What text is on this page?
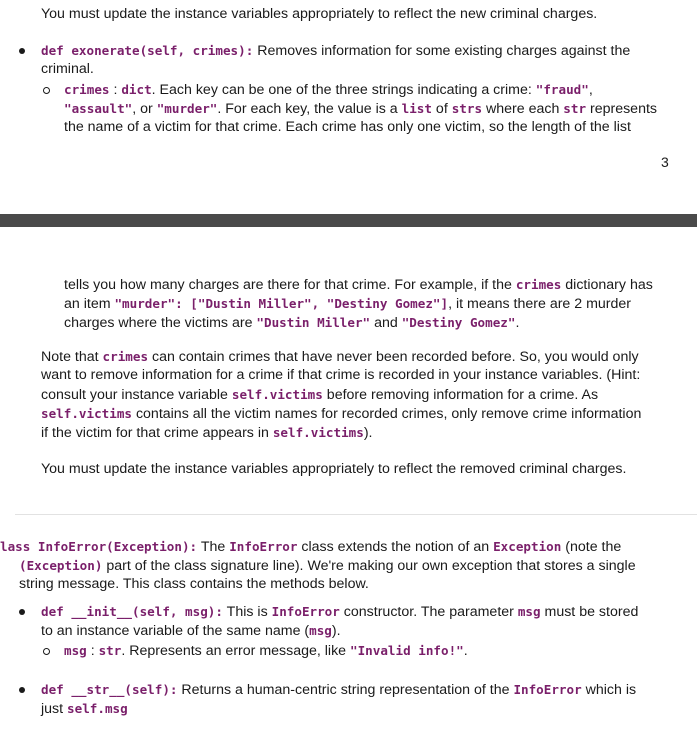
You must update the instance variables appropriately to reflect the new criminal charges.
def exonerate(self, crimes): Removes information for some existing charges against the
criminal.
crimes : dict. Each key can be one of the three strings indicating a crime: "fraud",
"assault", or "murder". For each key, the value is a list of strs where each str represents
the name of a victim for that crime. Each crime has only one victim, so the length of the list
3
tells you how many charges are there for that crime. For example, if the crimes dictionary has
an item "murder": ["Dustin Miller", "Destiny Gomez"], it means there are 2 murder
charges where the victims are "Dustin Miller" and "Destiny Gomez".
Note that crimes can contain crimes that have never been recorded before. So, you would only
want to remove information for a crime if that crime is recorded in your instance variables. (Hint:
consult your instance variable self.victims before removing information for a crime. As
self.victims contains all the victim names for recorded crimes, only remove crime information
if the victim for that crime appears in self.victims).
You must update the instance variables appropriately to reflect the removed criminal charges.
lass InfoError(Exception): The InfoError class extends the notion of an Exception (note the
(Exception) part of the class signature line). We're making our own exception that stores a single
string message. This class contains the methods below.
def __init__(self, msg): This is InfoError constructor. The parameter msg must be stored
to an instance variable of the same name (msg).
msg : str. Represents an error message, like "Invalid info!".
def __str__(self): Returns a human-centric string representation of the InfoError which is
just self.msg
